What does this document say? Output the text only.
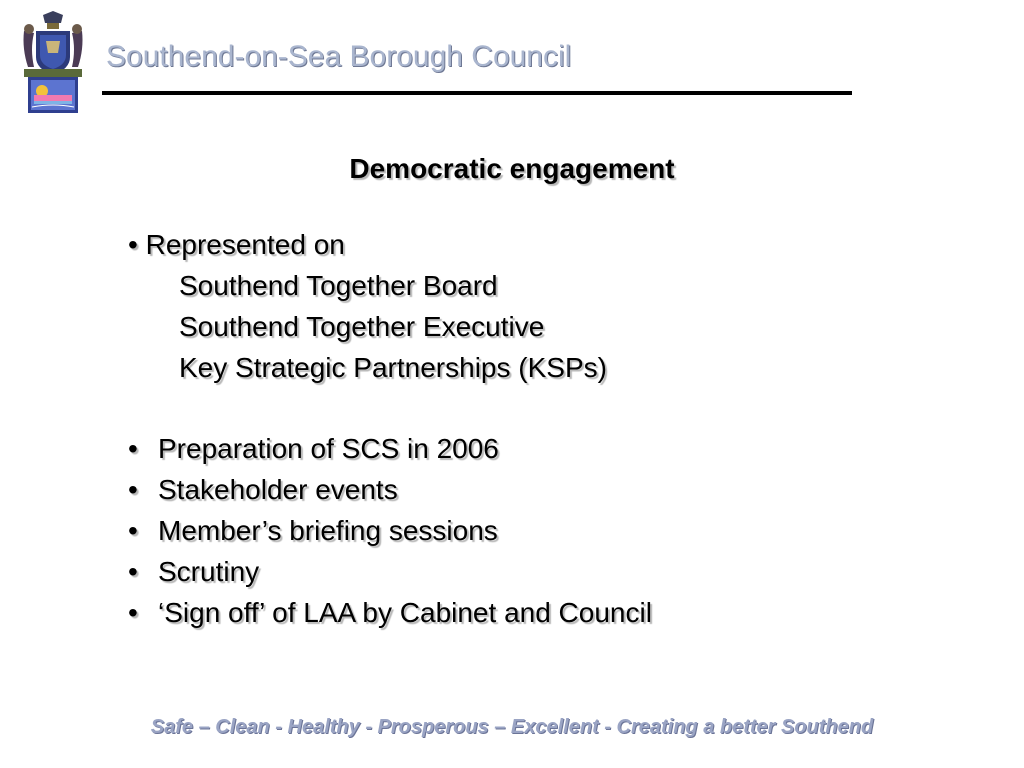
Southend-on-Sea Borough Council
Democratic engagement
• Represented on
Southend Together Board
Southend Together Executive
Key Strategic Partnerships (KSPs)
• Preparation of SCS in 2006
• Stakeholder events
• Member’s briefing sessions
• Scrutiny
• ‘Sign off’ of LAA by Cabinet and Council
Safe – Clean - Healthy - Prosperous – Excellent - Creating a better Southend
